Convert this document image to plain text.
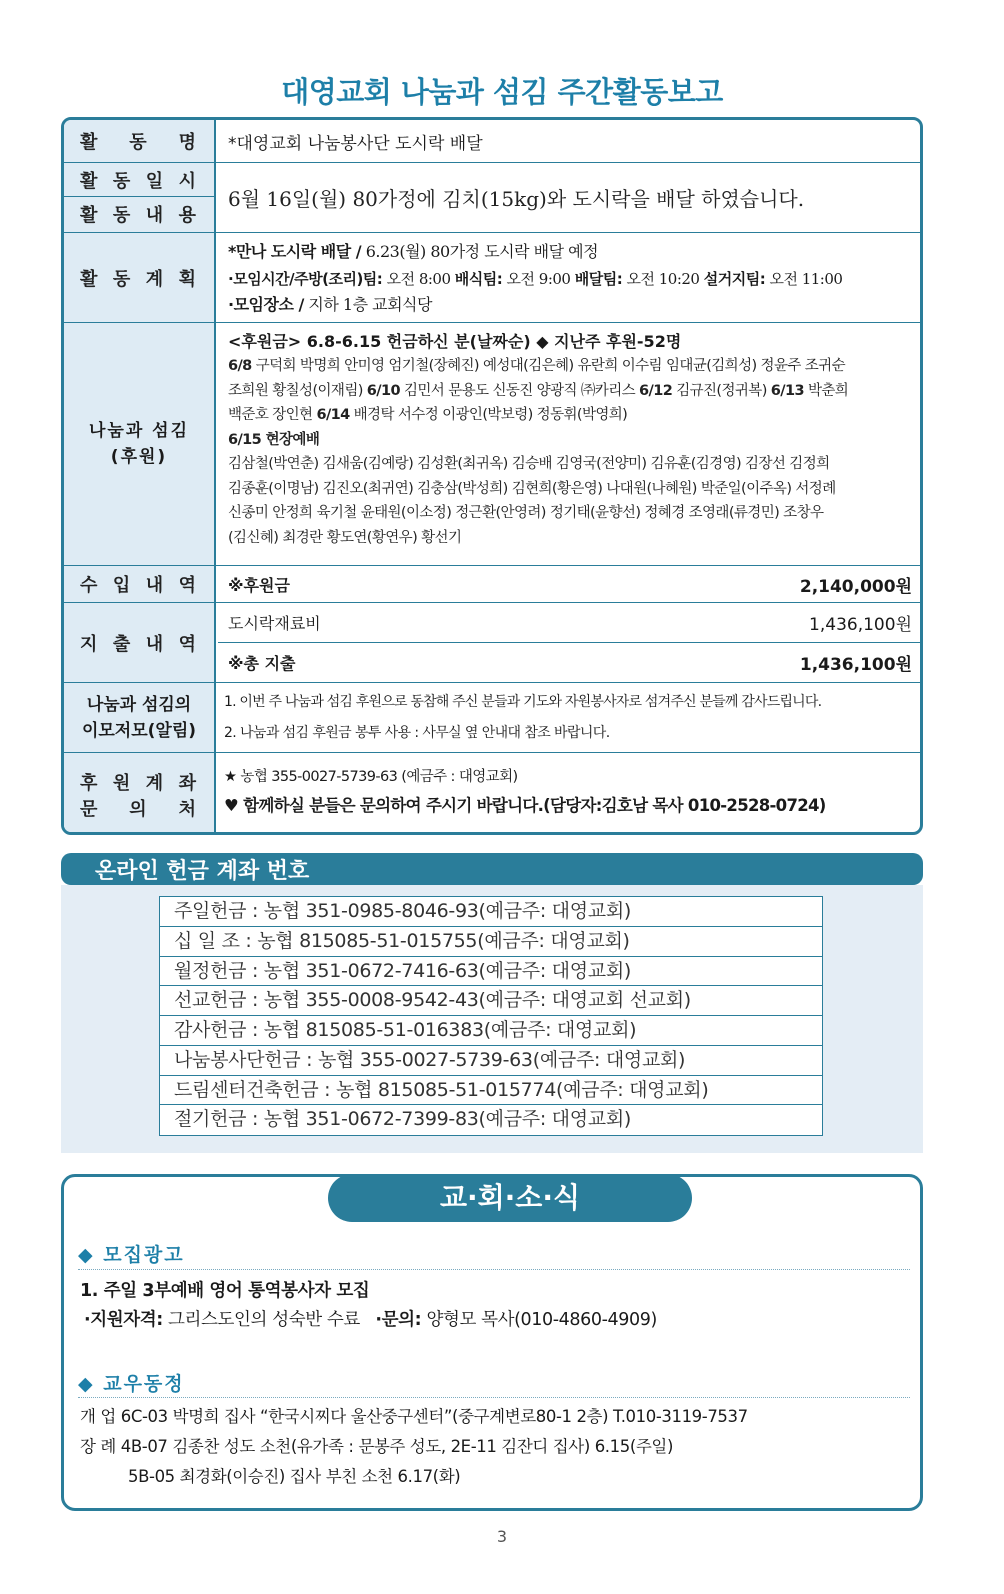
대영교회 나눔과 섬김 주간활동보고
활 동 명 *대영교회 나눔봉사단 도시락 배달
활 동 일 시
활 동 내 용
6월 16일(월) 80가정에 김치(15kg)와 도시락을 배달 하였습니다.
활 동 계 획
*만나 도시락 배달 / 6.23(월) 80가정 도시락 배달 예정
·모임시간/주방(조리)팀: 오전 8:00 배식팀: 오전 9:00 배달팀: 오전 10:20 설거지팀: 오전 11:00
·모임장소 / 지하 1층 교회식당
나눔과 섬김
(후원)
<후원금> 6.8-6.15 헌금하신 분(날짜순) ◆ 지난주 후원-52명
6/8 구덕회 박명희 안미영 엄기철(장혜진) 예성대(김은혜) 유란희 이수림 임대균(김희성) 정윤주 조귀순
조희원 황칠성(이재림) 6/10 김민서 문용도 신동진 양광직 ㈜카리스 6/12 김규진(정귀복) 6/13 박춘희
백준호 장인현 6/14 배경탁 서수정 이광인(박보령) 정동휘(박영희)
6/15 현장예배
김삼철(박연춘) 김새움(김예랑) 김성환(최귀옥) 김승배 김영국(전양미) 김유훈(김경영) 김장선 김정희
김종훈(이명남) 김진오(최귀연) 김충삼(박성희) 김현희(황은영) 나대원(나혜원) 박준일(이주옥) 서정례
신종미 안정희 육기철 윤태원(이소정) 정근환(안영려) 정기태(윤향선) 정혜경 조영래(류경민) 조창우
(김신혜) 최경란 황도연(황연우) 황선기
수 입 내 역 ※후원금	2,140,000원
지 출 내 역
도시락재료비	1,436,100원
※총 지출	1,436,100원
나눔과 섬김의
이모저모(알림)
1. 이번 주 나눔과 섬김 후원으로 동참해 주신 분들과 기도와 자원봉사자로 섬겨주신 분들께 감사드립니다.
2. 나눔과 섬김 후원금 봉투 사용 : 사무실 옆 안내대 참조 바랍니다.
후 원 계 좌
문 의 처
★ 농협 355-0027-5739-63 (예금주 : 대영교회)
♥ 함께하실 분들은 문의하여 주시기 바랍니다.(담당자:김호남 목사 010-2528-0724)
온라인 헌금 계좌 번호
주일헌금 : 농협 351-0985-8046-93(예금주: 대영교회)
십 일 조 : 농협 815085-51-015755(예금주: 대영교회)
월정헌금 : 농협 351-0672-7416-63(예금주: 대영교회)
선교헌금 : 농협 355-0008-9542-43(예금주: 대영교회 선교회)
감사헌금 : 농협 815085-51-016383(예금주: 대영교회)
나눔봉사단헌금 : 농협 355-0027-5739-63(예금주: 대영교회)
드림센터건축헌금 : 농협 815085-51-015774(예금주: 대영교회)
절기헌금 : 농협 351-0672-7399-83(예금주: 대영교회)
교·회·소·식
◆ 모집광고
1. 주일 3부예배 영어 통역봉사자 모집
·지원자격: 그리스도인의 성숙반 수료 ·문의: 양형모 목사(010-4860-4909)
◆ 교우동정
개 업 6C-03 박명희 집사 “한국시찌다 울산중구센터”(중구계변로80-1 2층) T.010-3119-7537
장 례 4B-07 김종찬 성도 소천(유가족 : 문봉주 성도, 2E-11 김잔디 집사) 6.15(주일)
5B-05 최경화(이승진) 집사 부친 소천 6.17(화)
3
